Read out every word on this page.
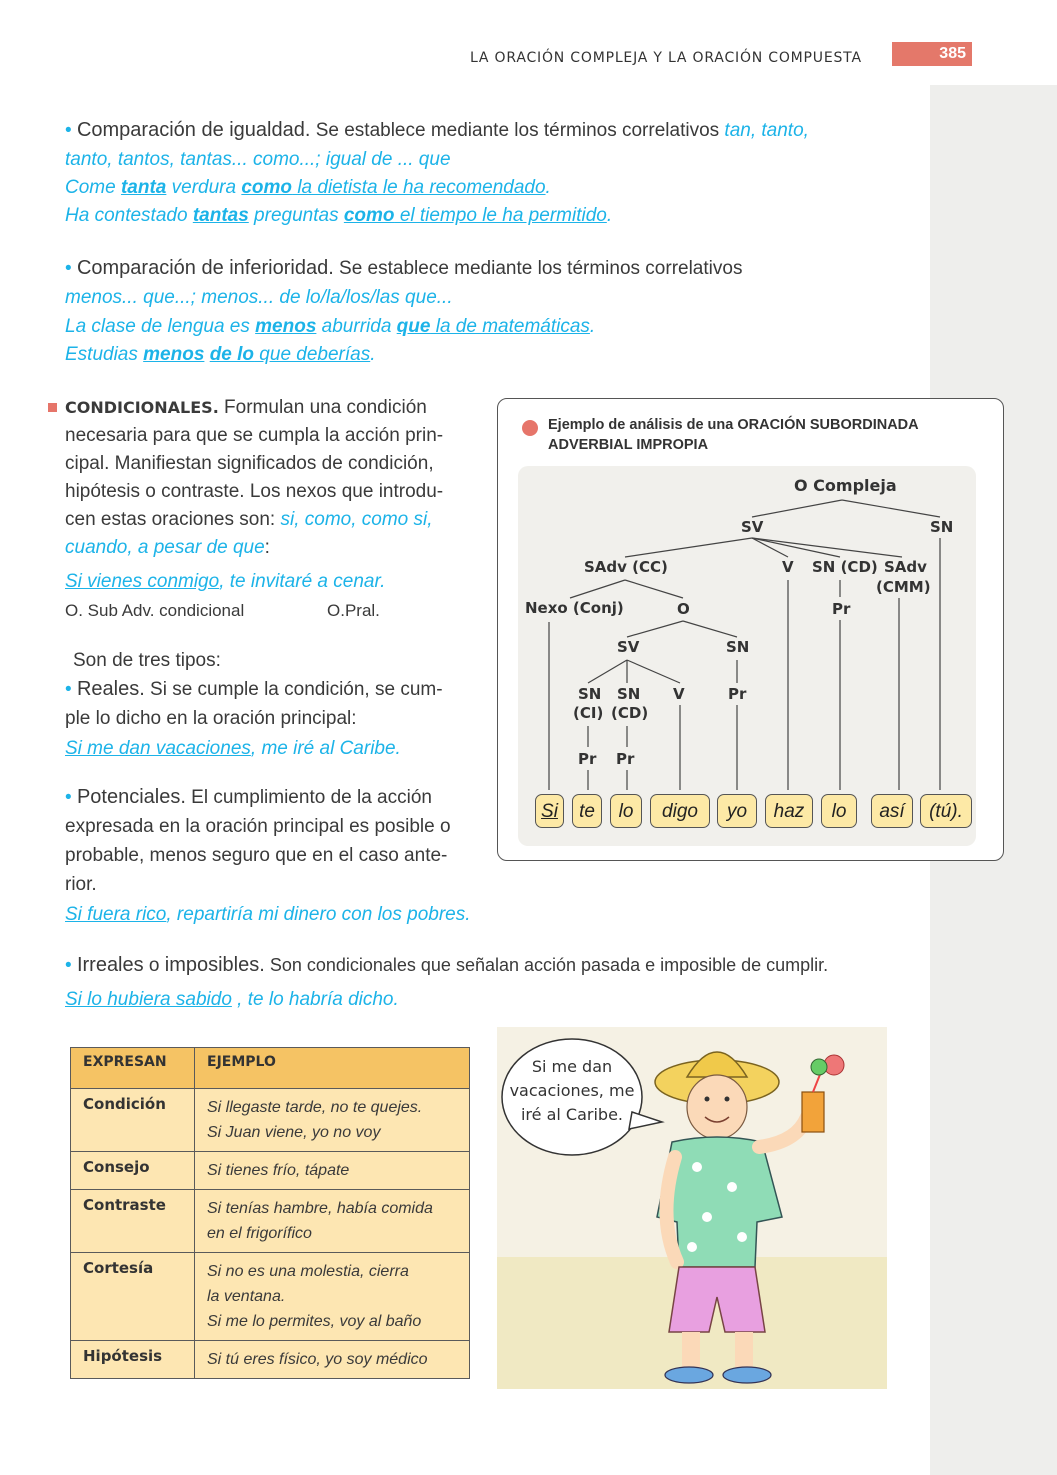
LA ORACIÓN COMPLEJA Y LA ORACIÓN COMPUESTA	385
• Comparación de igualdad. Se establece mediante los términos correlativos tan, tanto,
tanto, tantos, tantas... como...; igual de ... que
Come tanta verdura como la dietista le ha recomendado.
Ha contestado tantas preguntas como el tiempo le ha permitido.
• Comparación de inferioridad. Se establece mediante los términos correlativos
menos... que...; menos... de lo/la/los/las que...
La clase de lengua es menos aburrida que la de matemáticas.
Estudias menos de lo que deberías.
CONDICIONALES. Formulan una condición
necesaria para que se cumpla la acción prin-
cipal. Manifiestan significados de condición,
hipótesis o contraste. Los nexos que introdu-
cen estas oraciones son: si, como, como si,
cuando, a pesar de que:
Si vienes conmigo, te invitaré a cenar.
O. Sub Adv. condicional	O.Pral.
Son de tres tipos:
• Reales. Si se cumple la condición, se cum-
ple lo dicho en la oración principal:
Si me dan vacaciones, me iré al Caribe.
• Potenciales. El cumplimiento de la acción
expresada en la oración principal es posible o
probable, menos seguro que en el caso ante-
rior.
Si fuera rico, repartiría mi dinero con los pobres.
• Irreales o imposibles. Son condicionales que señalan acción pasada e imposible de cumplir.
Si lo hubiera sabido , te lo habría dicho.
Ejemplo de análisis de una ORACIÓN SUBORDINADA
ADVERBIAL IMPROPIA
O Compleja
SV	SN
SAdv (CC)	V SN (CD) SAdv
(CMM)
Pr
Nexo (Conj)	O
SV	SN
SN
(CI)
SN
(CD)
V	Pr
Pr Pr
Si	te	lo	digo	yo	haz	lo	así	(tú).
EXPRESAN	EJEMPLO
Condición	Si llegaste tarde, no te quejes.
Si Juan viene, yo no voy
Consejo	Si tienes frío, tápate
Contraste	Si tenías hambre, había comida
en el frigorífico
Cortesía	Si no es una molestia, cierra
la ventana.
Si me lo permites, voy al baño
Hipótesis	Si tú eres físico, yo soy médico
Si me dan
vacaciones, me
iré al Caribe.
